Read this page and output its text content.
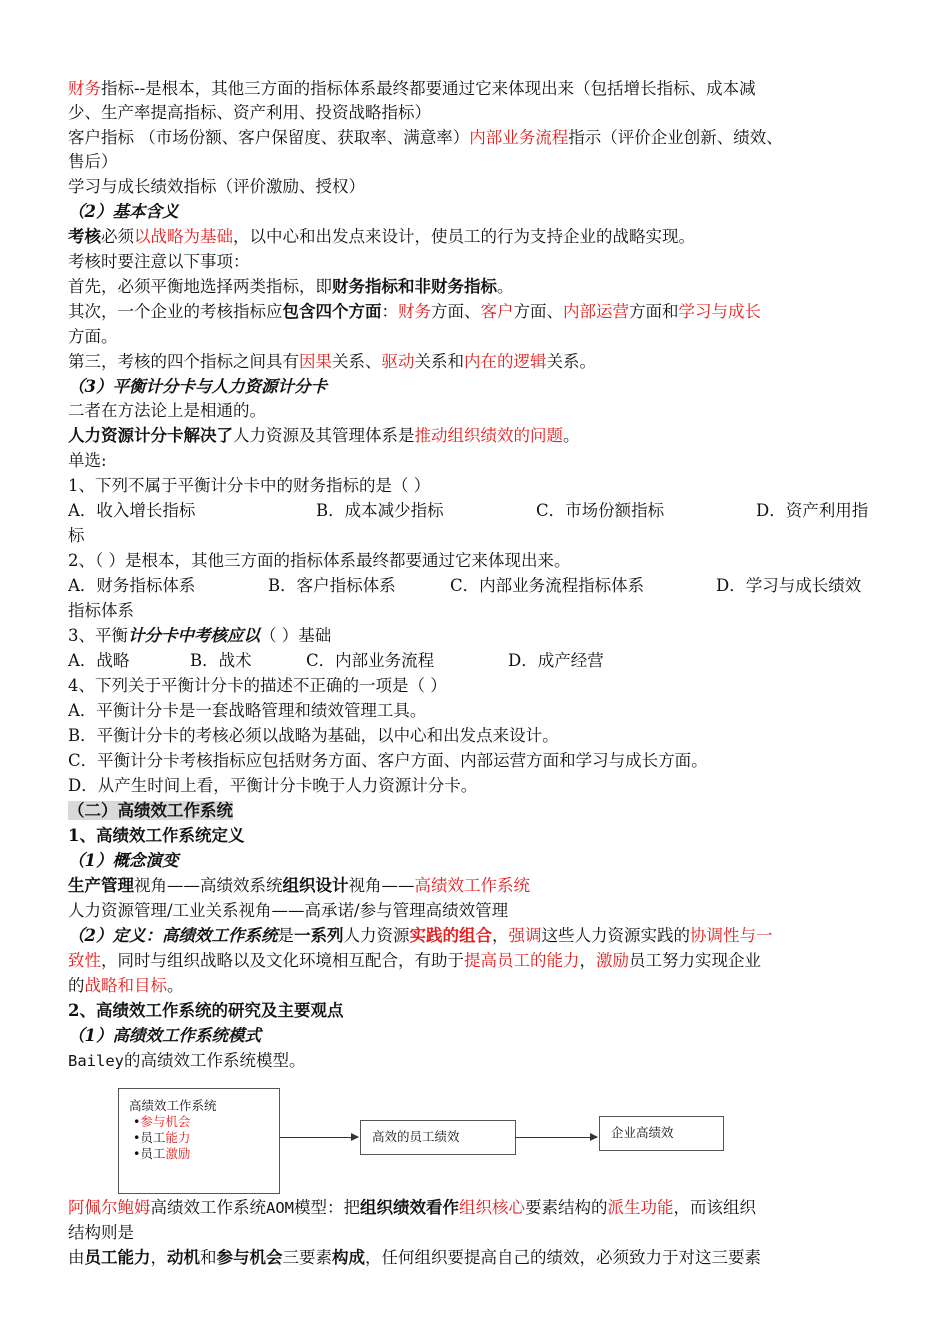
财务指标--是根本，其他三方面的指标体系最终都要通过它来体现出来（包括增长指标、成本减
少、生产率提高指标、资产利用、投资战略指标）
客户指标 （市场份额、客户保留度、获取率、满意率）内部业务流程指示（评价企业创新、绩效、
售后）
学习与成长绩效指标（评价激励、授权）
（2）基本含义
考核必须以战略为基础，以中心和出发点来设计，使员工的行为支持企业的战略实现。
考核时要注意以下事项：
首先，必须平衡地选择两类指标，即财务指标和非财务指标。
其次，一个企业的考核指标应包含四个方面：财务方面、客户方面、内部运营方面和学习与成长
方面。
第三，考核的四个指标之间具有因果关系、驱动关系和内在的逻辑关系。
（3）平衡计分卡与人力资源计分卡
二者在方法论上是相通的。
人力资源计分卡解决了人力资源及其管理体系是推动组织绩效的问题。
单选:
1、下列不属于平衡计分卡中的财务指标的是（ ）
A．收入增长指标	B．成本减少指标	C．市场份额指标	D．资产利用指
标
2、（ ）是根本，其他三方面的指标体系最终都要通过它来体现出来。
A．财务指标体系	B．客户指标体系	C．内部业务流程指标体系	D．学习与成长绩效
指标体系
3、平衡计分卡中考核应以（ ）基础
A．战略	B．战术	C．内部业务流程	D．成产经营
4、下列关于平衡计分卡的描述不正确的一项是（ ）
A．平衡计分卡是一套战略管理和绩效管理工具。
B．平衡计分卡的考核必须以战略为基础，以中心和出发点来设计。
C．平衡计分卡考核指标应包括财务方面、客户方面、内部运营方面和学习与成长方面。
D．从产生时间上看，平衡计分卡晚于人力资源计分卡。
（二）高绩效工作系统
1、高绩效工作系统定义
（1）概念演变
生产管理视角——高绩效系统组织设计视角——高绩效工作系统
人力资源管理/工业关系视角——高承诺/参与管理高绩效管理
（2）定义：高绩效工作系统是一系列人力资源实践的组合，强调这些人力资源实践的协调性与一
致性，同时与组织战略以及文化环境相互配合，有助于提高员工的能力，激励员工努力实现企业
的战略和目标。
2、高绩效工作系统的研究及主要观点
（1）高绩效工作系统模式
Bailey的高绩效工作系统模型。
高绩效工作系统
•参与机会
•员工能力
•员工激励
高效的员工绩效	企业高绩效
阿佩尔鲍姆高绩效工作系统AOM模型：把组织绩效看作组织核心要素结构的派生功能，而该组织
结构则是
由员工能力，动机和参与机会三要素构成，任何组织要提高自己的绩效，必须致力于对这三要素
